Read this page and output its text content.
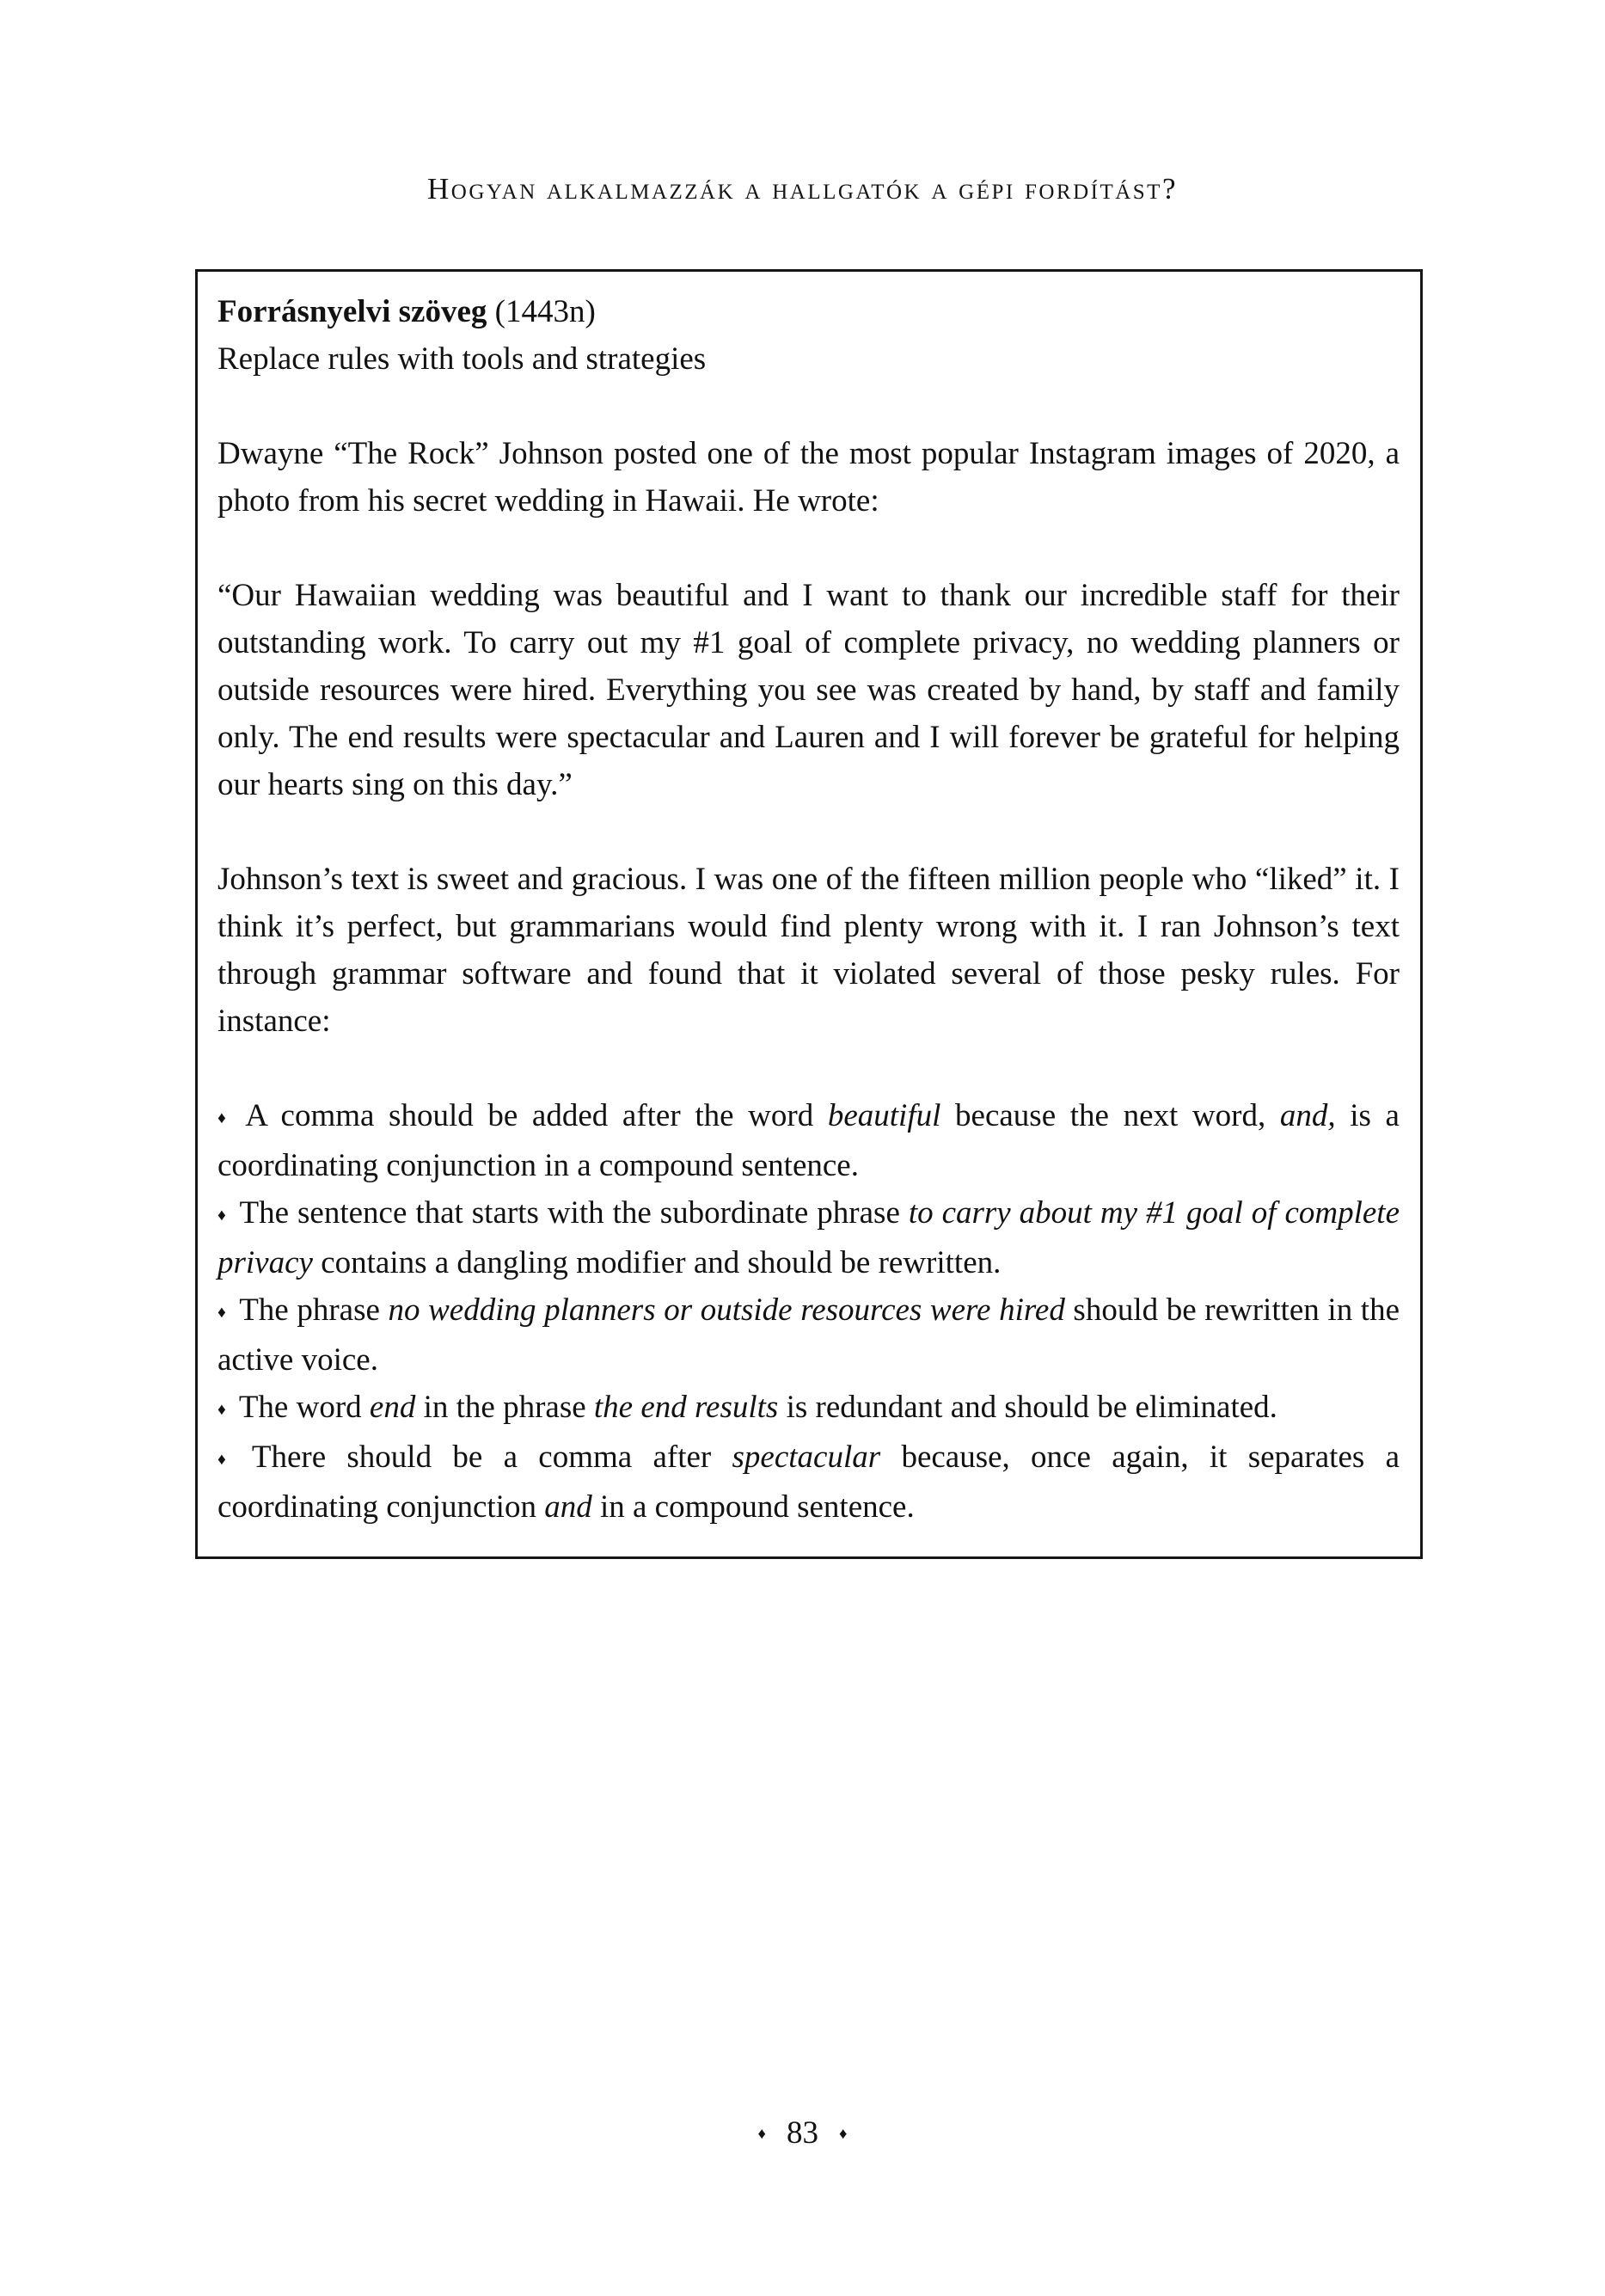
Hogyan alkalmazzák a hallgatók a gépi fordítást?

Forrásnyelvi szöveg (1443n)

Replace rules with tools and strategies

Dwayne “The Rock” Johnson posted one of the most popular Instagram images of 2020, a photo from his secret wedding in Hawaii. He wrote:

“Our Hawaiian wedding was beautiful and I want to thank our incredible staff for their outstanding work. To carry out my #1 goal of complete privacy, no wedding planners or outside resources were hired. Everything you see was created by hand, by staff and family only. The end results were spectacular and Lauren and I will forever be grateful for helping our hearts sing on this day.”

Johnson’s text is sweet and gracious. I was one of the fifteen million people who “liked” it. I think it’s perfect, but grammarians would find plenty wrong with it. I ran Johnson’s text through grammar software and found that it violated several of those pesky rules. For instance:

♦ A comma should be added after the word beautiful because the next word, and, is a coordinating conjunction in a compound sentence.

♦ The sentence that starts with the subordinate phrase to carry about my #1 goal of complete privacy contains a dangling modifier and should be rewritten.

♦ The phrase no wedding planners or outside resources were hired should be rewritten in the active voice.

♦ The word end in the phrase the end results is redundant and should be eliminated.

♦ There should be a comma after spectacular because, once again, it separates a coordinating conjunction and in a compound sentence.

♦ 83 ♦
